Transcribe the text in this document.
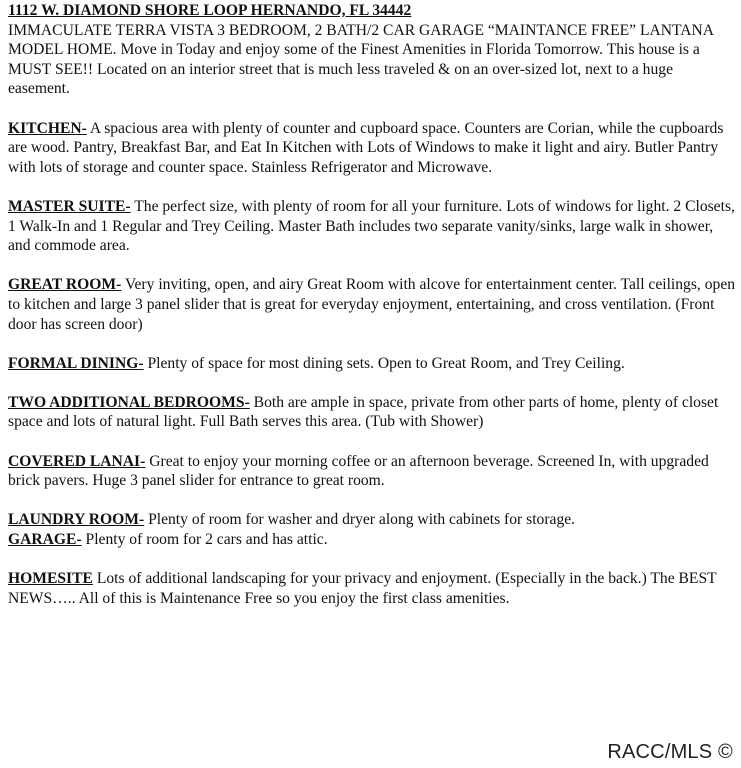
1112 W. DIAMOND SHORE LOOP HERNANDO, FL 34442
IMMACULATE TERRA VISTA 3 BEDROOM, 2 BATH/2 CAR GARAGE “MAINTANCE FREE” LANTANA MODEL HOME. Move in Today and enjoy some of the Finest Amenities in Florida Tomorrow. This house is a MUST SEE!! Located on an interior street that is much less traveled & on an over-sized lot, next to a huge easement.

KITCHEN- A spacious area with plenty of counter and cupboard space. Counters are Corian, while the cupboards are wood. Pantry, Breakfast Bar, and Eat In Kitchen with Lots of Windows to make it light and airy. Butler Pantry with lots of storage and counter space. Stainless Refrigerator and Microwave.

MASTER SUITE- The perfect size, with plenty of room for all your furniture. Lots of windows for light. 2 Closets, 1 Walk-In and 1 Regular and Trey Ceiling. Master Bath includes two separate vanity/sinks, large walk in shower, and commode area.

GREAT ROOM- Very inviting, open, and airy Great Room with alcove for entertainment center. Tall ceilings, open to kitchen and large 3 panel slider that is great for everyday enjoyment, entertaining, and cross ventilation. (Front door has screen door)

FORMAL DINING- Plenty of space for most dining sets. Open to Great Room, and Trey Ceiling.

TWO ADDITIONAL BEDROOMS- Both are ample in space, private from other parts of home, plenty of closet space and lots of natural light. Full Bath serves this area. (Tub with Shower)

COVERED LANAI- Great to enjoy your morning coffee or an afternoon beverage. Screened In, with upgraded brick pavers. Huge 3 panel slider for entrance to great room.

LAUNDRY ROOM- Plenty of room for washer and dryer along with cabinets for storage.

GARAGE- Plenty of room for 2 cars and has attic.

HOMESITE Lots of additional landscaping for your privacy and enjoyment. (Especially in the back.) The BEST NEWS….. All of this is Maintenance Free so you enjoy the first class amenities.

RACC/MLS ©
